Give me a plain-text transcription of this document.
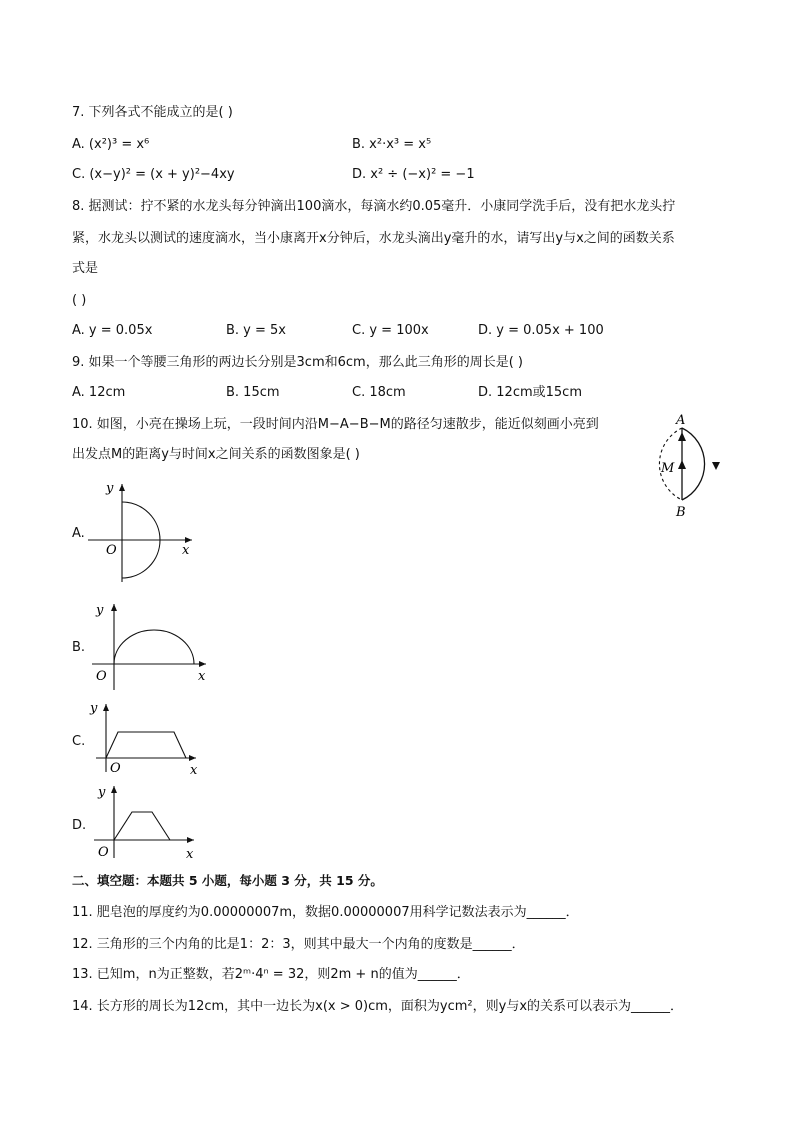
7. 下列各式不能成立的是( )
A. (x²)³ = x⁶	B. x²·x³ = x⁵
C. (x−y)² = (x + y)²−4xy	D. x² ÷ (−x)² = −1
8. 据测试：拧不紧的水龙头每分钟滴出100滴水，每滴水约0.05毫升．小康同学洗手后，没有把水龙头拧
紧，水龙头以测试的速度滴水，当小康离开x分钟后，水龙头滴出y毫升的水，请写出y与x之间的函数关系
式是
( )
A. y = 0.05x	B. y = 5x	C. y = 100x	D. y = 0.05x + 100
9. 如果一个等腰三角形的两边长分别是3cm和6cm，那么此三角形的周长是( )
A. 12cm	B. 15cm	C. 18cm	D. 12cm或15cm
10. 如图，小亮在操场上玩，一段时间内沿M−A−B−M的路径匀速散步，能近似刻画小亮到
出发点M的距离y与时间x之间关系的函数图象是( )
A
M
B
A.
y
O	x
B.
y
O	x
C.
y
O	x
D.
y
O	x
二、填空题：本题共 5 小题，每小题 3 分，共 15 分。
11. 肥皂泡的厚度约为0.00000007m，数据0.00000007用科学记数法表示为______．
12. 三角形的三个内角的比是1：2：3，则其中最大一个内角的度数是______．
13. 已知m，n为正整数，若2ᵐ·4ⁿ = 32，则2m + n的值为______．
14. 长方形的周长为12cm，其中一边长为x(x > 0)cm，面积为ycm²，则y与x的关系可以表示为______．
